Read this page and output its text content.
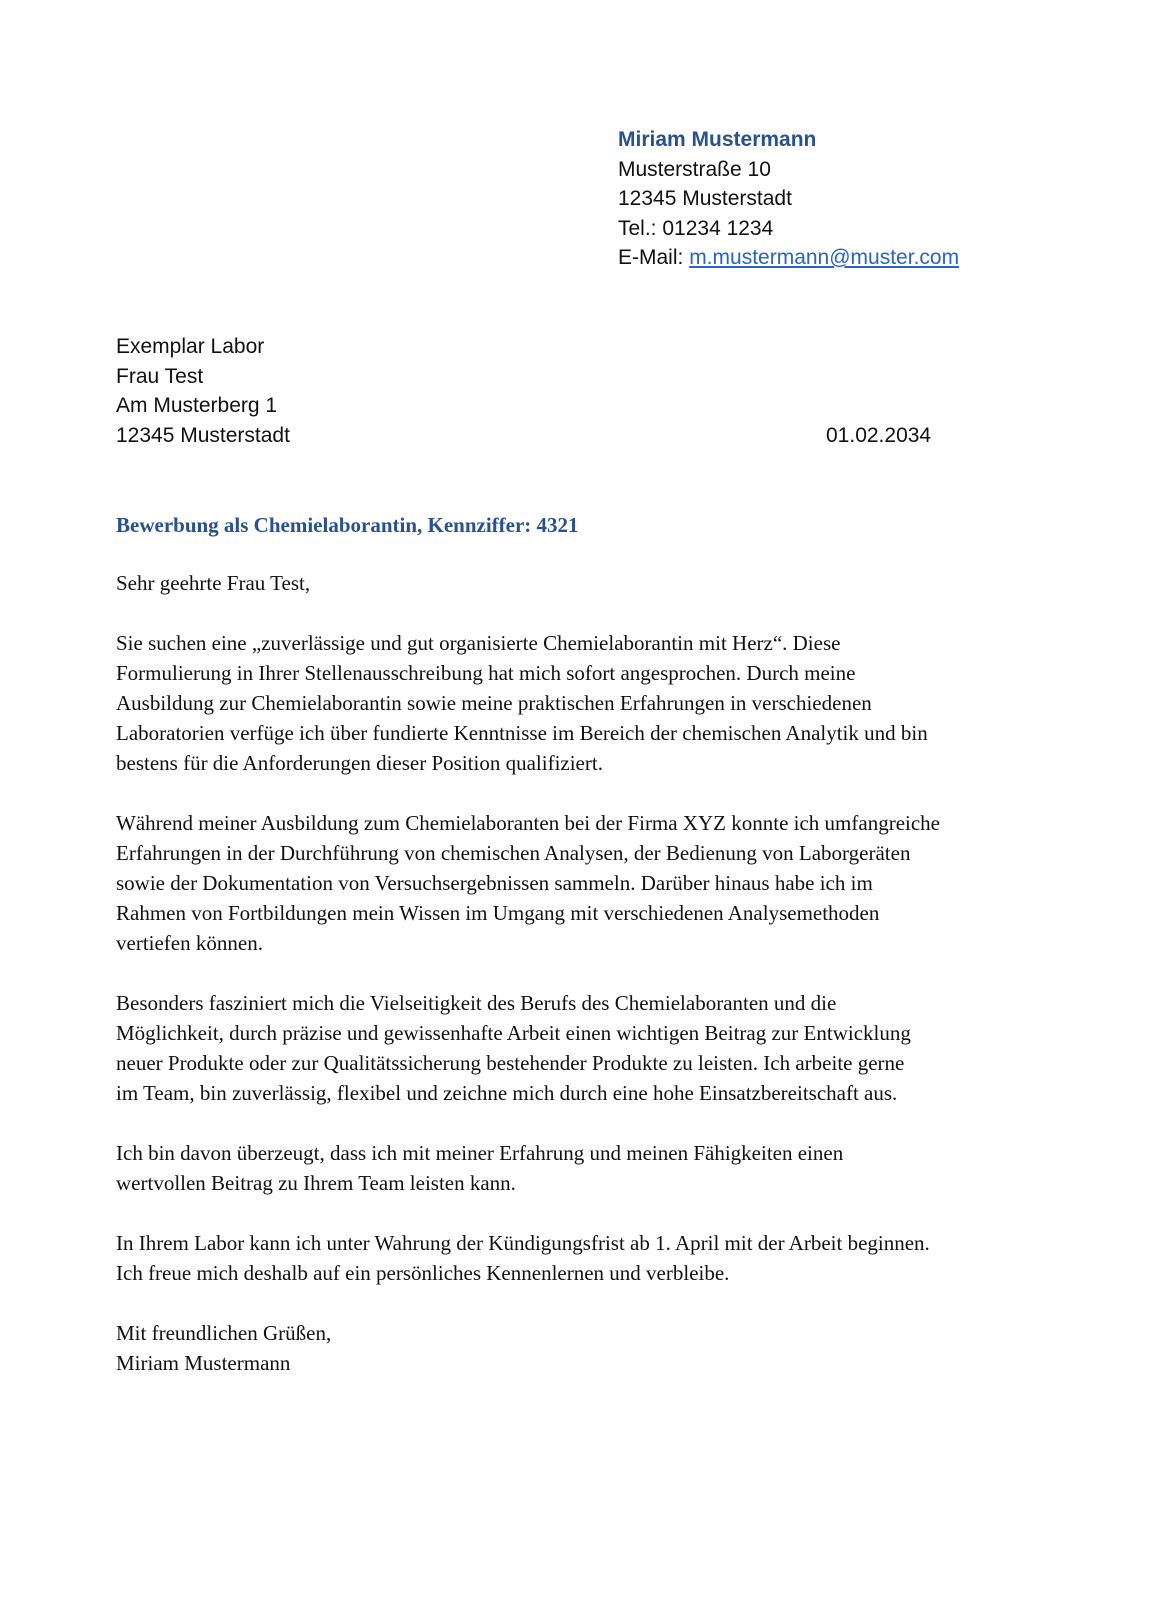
Miriam Mustermann
Musterstraße 10
12345 Musterstadt
Tel.: 01234 1234
E-Mail: m.mustermann@muster.com
Exemplar Labor
Frau Test
Am Musterberg 1
12345 Musterstadt	01.02.2034
Bewerbung als Chemielaborantin, Kennziffer: 4321

Sehr geehrte Frau Test,

Sie suchen eine „zuverlässige und gut organisierte Chemielaborantin mit Herz“. Diese
Formulierung in Ihrer Stellenausschreibung hat mich sofort angesprochen. Durch meine
Ausbildung zur Chemielaborantin sowie meine praktischen Erfahrungen in verschiedenen
Laboratorien verfüge ich über fundierte Kenntnisse im Bereich der chemischen Analytik und bin
bestens für die Anforderungen dieser Position qualifiziert.

Während meiner Ausbildung zum Chemielaboranten bei der Firma XYZ konnte ich umfangreiche
Erfahrungen in der Durchführung von chemischen Analysen, der Bedienung von Laborgeräten
sowie der Dokumentation von Versuchsergebnissen sammeln. Darüber hinaus habe ich im
Rahmen von Fortbildungen mein Wissen im Umgang mit verschiedenen Analysemethoden
vertiefen können.

Besonders fasziniert mich die Vielseitigkeit des Berufs des Chemielaboranten und die
Möglichkeit, durch präzise und gewissenhafte Arbeit einen wichtigen Beitrag zur Entwicklung
neuer Produkte oder zur Qualitätssicherung bestehender Produkte zu leisten. Ich arbeite gerne
im Team, bin zuverlässig, flexibel und zeichne mich durch eine hohe Einsatzbereitschaft aus.

Ich bin davon überzeugt, dass ich mit meiner Erfahrung und meinen Fähigkeiten einen
wertvollen Beitrag zu Ihrem Team leisten kann.

In Ihrem Labor kann ich unter Wahrung der Kündigungsfrist ab 1. April mit der Arbeit beginnen.
Ich freue mich deshalb auf ein persönliches Kennenlernen und verbleibe.

Mit freundlichen Grüßen,
Miriam Mustermann
